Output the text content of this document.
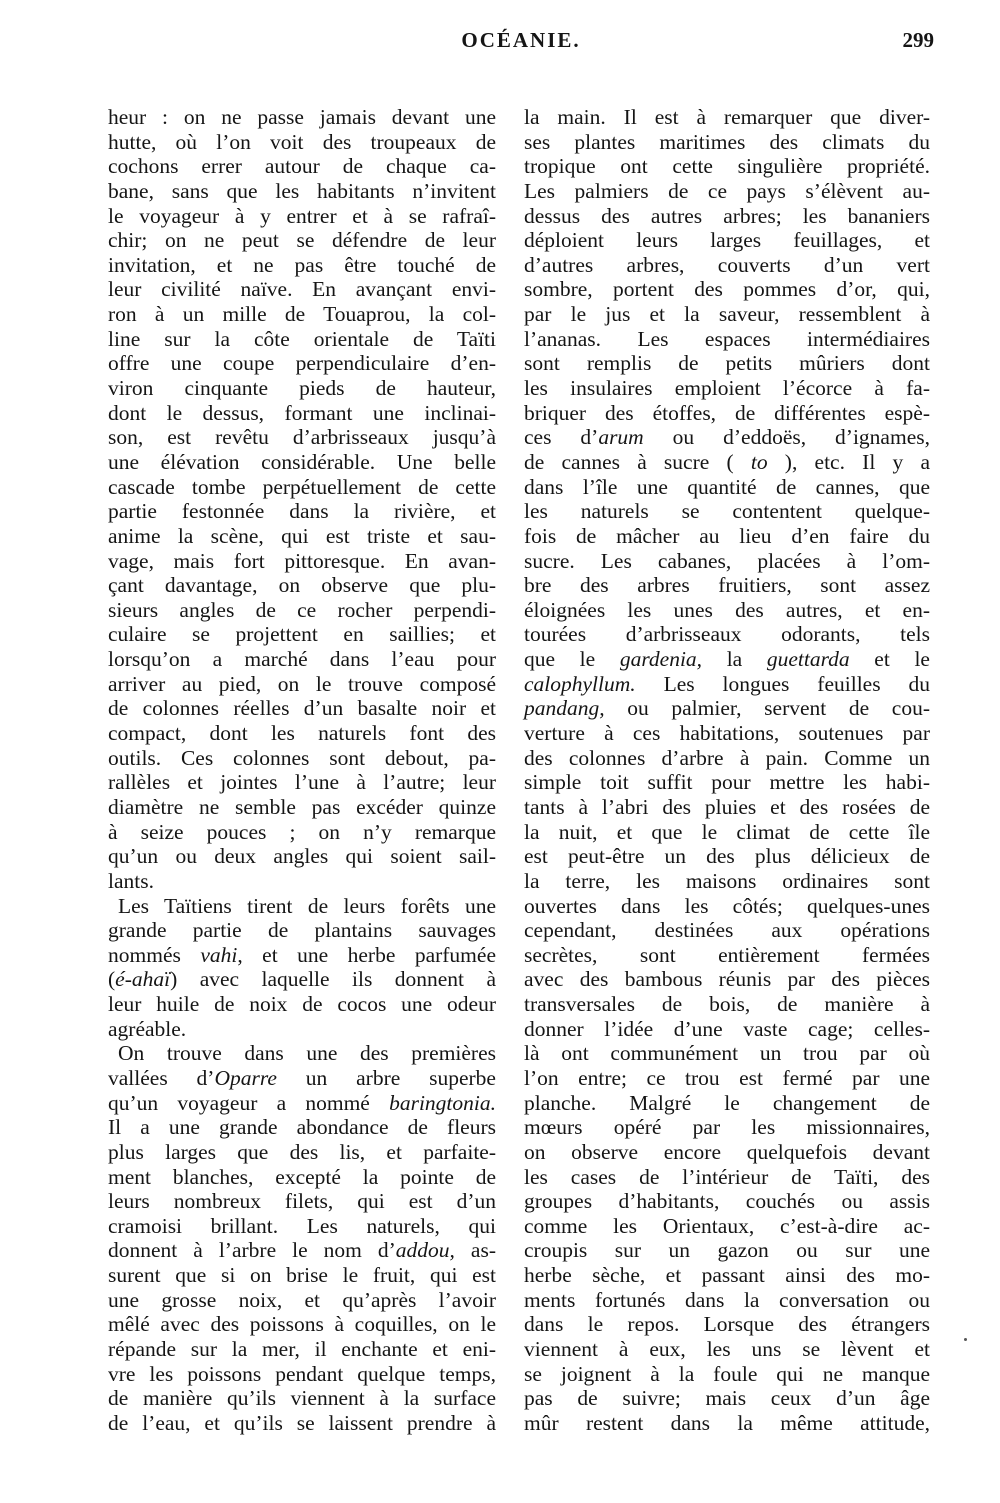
OCÉANIE.	299
heur : on ne passe jamais devant une
hutte, où l’on voit des troupeaux de
cochons errer autour de chaque ca-
bane, sans que les habitants n’invitent
le voyageur à y entrer et à se rafraî-
chir; on ne peut se défendre de leur
invitation, et ne pas être touché de
leur civilité naïve. En avançant envi-
ron à un mille de Touaprou, la col-
line sur la côte orientale de Taïti
offre une coupe perpendiculaire d’en-
viron cinquante pieds de hauteur,
dont le dessus, formant une inclinai-
son, est revêtu d’arbrisseaux jusqu’à
une élévation considérable. Une belle
cascade tombe perpétuellement de cette
partie festonnée dans la rivière, et
anime la scène, qui est triste et sau-
vage, mais fort pittoresque. En avan-
çant davantage, on observe que plu-
sieurs angles de ce rocher perpendi-
culaire se projettent en saillies; et
lorsqu’on a marché dans l’eau pour
arriver au pied, on le trouve composé
de colonnes réelles d’un basalte noir et
compact, dont les naturels font des
outils. Ces colonnes sont debout, pa-
rallèles et jointes l’une à l’autre; leur
diamètre ne semble pas excéder quinze
à seize pouces ; on n’y remarque
qu’un ou deux angles qui soient sail-
lants.
Les Taïtiens tirent de leurs forêts une
grande partie de plantains sauvages
nommés vahi, et une herbe parfumée
(é-ahaï) avec laquelle ils donnent à
leur huile de noix de cocos une odeur
agréable.
On trouve dans une des premières
vallées d’Oparre un arbre superbe
qu’un voyageur a nommé baringtonia.
Il a une grande abondance de fleurs
plus larges que des lis, et parfaite-
ment blanches, excepté la pointe de
leurs nombreux filets, qui est d’un
cramoisi brillant. Les naturels, qui
donnent à l’arbre le nom d’addou, as-
surent que si on brise le fruit, qui est
une grosse noix, et qu’après l’avoir
mêlé avec des poissons à coquilles, on le
répande sur la mer, il enchante et eni-
vre les poissons pendant quelque temps,
de manière qu’ils viennent à la surface
de l’eau, et qu’ils se laissent prendre à
la main. Il est à remarquer que diver-
ses plantes maritimes des climats du
tropique ont cette singulière propriété.
Les palmiers de ce pays s’élèvent au-
dessus des autres arbres; les bananiers
déploient leurs larges feuillages, et
d’autres arbres, couverts d’un vert
sombre, portent des pommes d’or, qui,
par le jus et la saveur, ressemblent à
l’ananas. Les espaces intermédiaires
sont remplis de petits mûriers dont
les insulaires emploient l’écorce à fa-
briquer des étoffes, de différentes espè-
ces d’arum ou d’eddoës, d’ignames,
de cannes à sucre ( to ), etc. Il y a
dans l’île une quantité de cannes, que
les naturels se contentent quelque-
fois de mâcher au lieu d’en faire du
sucre. Les cabanes, placées à l’om-
bre des arbres fruitiers, sont assez
éloignées les unes des autres, et en-
tourées d’arbrisseaux odorants, tels
que le gardenia, la guettarda et le
calophyllum. Les longues feuilles du
pandang, ou palmier, servent de cou-
verture à ces habitations, soutenues par
des colonnes d’arbre à pain. Comme un
simple toit suffit pour mettre les habi-
tants à l’abri des pluies et des rosées de
la nuit, et que le climat de cette île
est peut-être un des plus délicieux de
la terre, les maisons ordinaires sont
ouvertes dans les côtés; quelques-unes
cependant, destinées aux opérations
secrètes, sont entièrement fermées
avec des bambous réunis par des pièces
transversales de bois, de manière à
donner l’idée d’une vaste cage; celles-
là ont communément un trou par où
l’on entre; ce trou est fermé par une
planche. Malgré le changement de
mœurs opéré par les missionnaires,
on observe encore quelquefois devant
les cases de l’intérieur de Taïti, des
groupes d’habitants, couchés ou assis
comme les Orientaux, c’est-à-dire ac-
croupis sur un gazon ou sur une
herbe sèche, et passant ainsi des mo-
ments fortunés dans la conversation ou
dans le repos. Lorsque des étrangers
viennent à eux, les uns se lèvent et
se joignent à la foule qui ne manque
pas de suivre; mais ceux d’un âge
mûr restent dans la même attitude,
